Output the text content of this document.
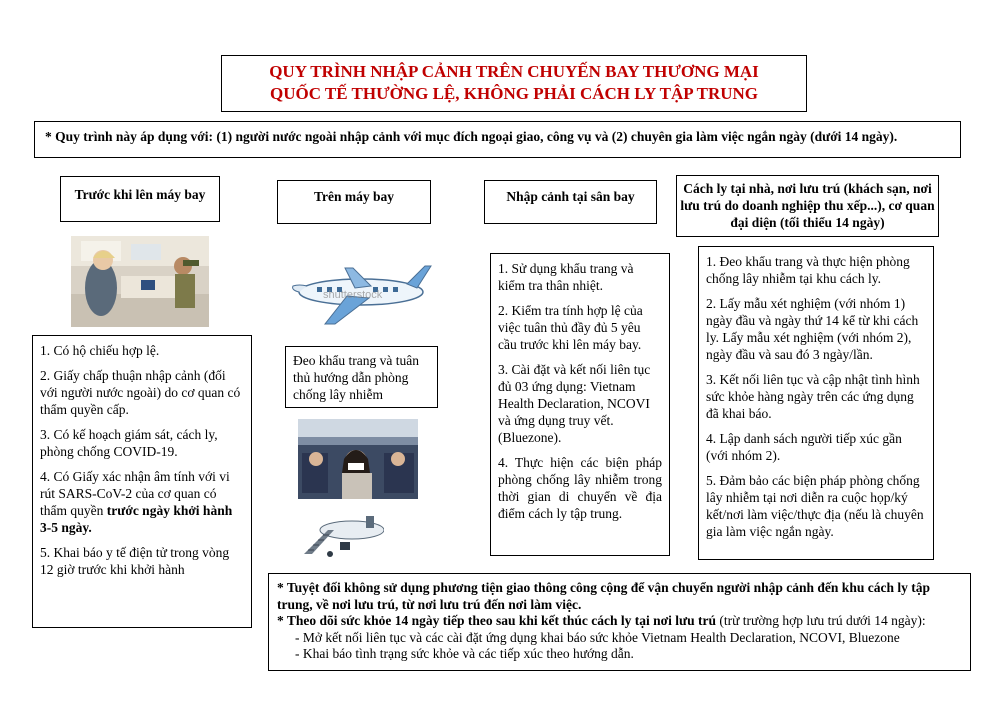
QUY TRÌNH NHẬP CẢNH TRÊN CHUYẾN BAY THƯƠNG MẠI
QUỐC TẾ THƯỜNG LỆ, KHÔNG PHẢI CÁCH LY TẬP TRUNG
* Quy trình này áp dụng với: (1) người nước ngoài nhập cảnh với mục đích ngoại giao, công vụ và (2) chuyên gia làm việc ngắn ngày (dưới 14 ngày).
Trước khi lên máy bay	Trên máy bay	Nhập cảnh tại sân bay
Cách ly tại nhà, nơi lưu trú (khách sạn, nơi lưu trú do doanh nghiệp thu xếp...), cơ quan đại diện (tối thiểu 14 ngày)
shutterstock

1. Có hộ chiếu hợp lệ.

2. Giấy chấp thuận nhập cảnh (đối với người nước ngoài) do cơ quan có thẩm quyền cấp.

3. Có kế hoạch giám sát, cách ly, phòng chống COVID-19.

4. Có Giấy xác nhận âm tính với vi rút SARS-CoV-2 của cơ quan có thẩm quyền trước ngày khởi hành 3-5 ngày.

5. Khai báo y tế điện tử trong vòng 12 giờ trước khi khởi hành

Đeo khẩu trang và tuân thủ hướng dẫn phòng chống lây nhiễm

1. Sử dụng khẩu trang và kiểm tra thân nhiệt.

2. Kiểm tra tính hợp lệ của việc tuân thủ đầy đủ 5 yêu cầu trước khi lên máy bay.

3. Cài đặt và kết nối liên tục đủ 03 ứng dụng: Vietnam Health Declaration, NCOVI và ứng dụng truy vết.(Bluezone).

4. Thực hiện các biện pháp phòng chống lây nhiễm trong thời gian di chuyển về địa điểm cách ly tập trung.

1. Đeo khẩu trang và thực hiện phòng chống lây nhiễm tại khu cách ly.

2. Lấy mẫu xét nghiệm (với nhóm 1) ngày đầu và ngày thứ 14 kể từ khi cách ly. Lấy mẫu xét nghiệm (với nhóm 2), ngày đầu và sau đó 3 ngày/lần.

3. Kết nối liên tục và cập nhật tình hình sức khỏe hàng ngày trên các ứng dụng đã khai báo.

4. Lập danh sách người tiếp xúc gần (với nhóm 2).

5. Đảm bảo các biện pháp phòng chống lây nhiễm tại nơi diễn ra cuộc họp/ký kết/nơi làm việc/thực địa (nếu là chuyên gia làm việc ngắn ngày.

* Tuyệt đối không sử dụng phương tiện giao thông công cộng để vận chuyển người nhập cảnh đến khu cách ly tập trung, về nơi lưu trú, từ nơi lưu trú đến nơi làm việc.
* Theo dõi sức khỏe 14 ngày tiếp theo sau khi kết thúc cách ly tại nơi lưu trú (trừ trường hợp lưu trú dưới 14 ngày):
- Mở kết nối liên tục và các cài đặt ứng dụng khai báo sức khỏe Vietnam Health Declaration, NCOVI, Bluezone
- Khai báo tình trạng sức khỏe và các tiếp xúc theo hướng dẫn.
